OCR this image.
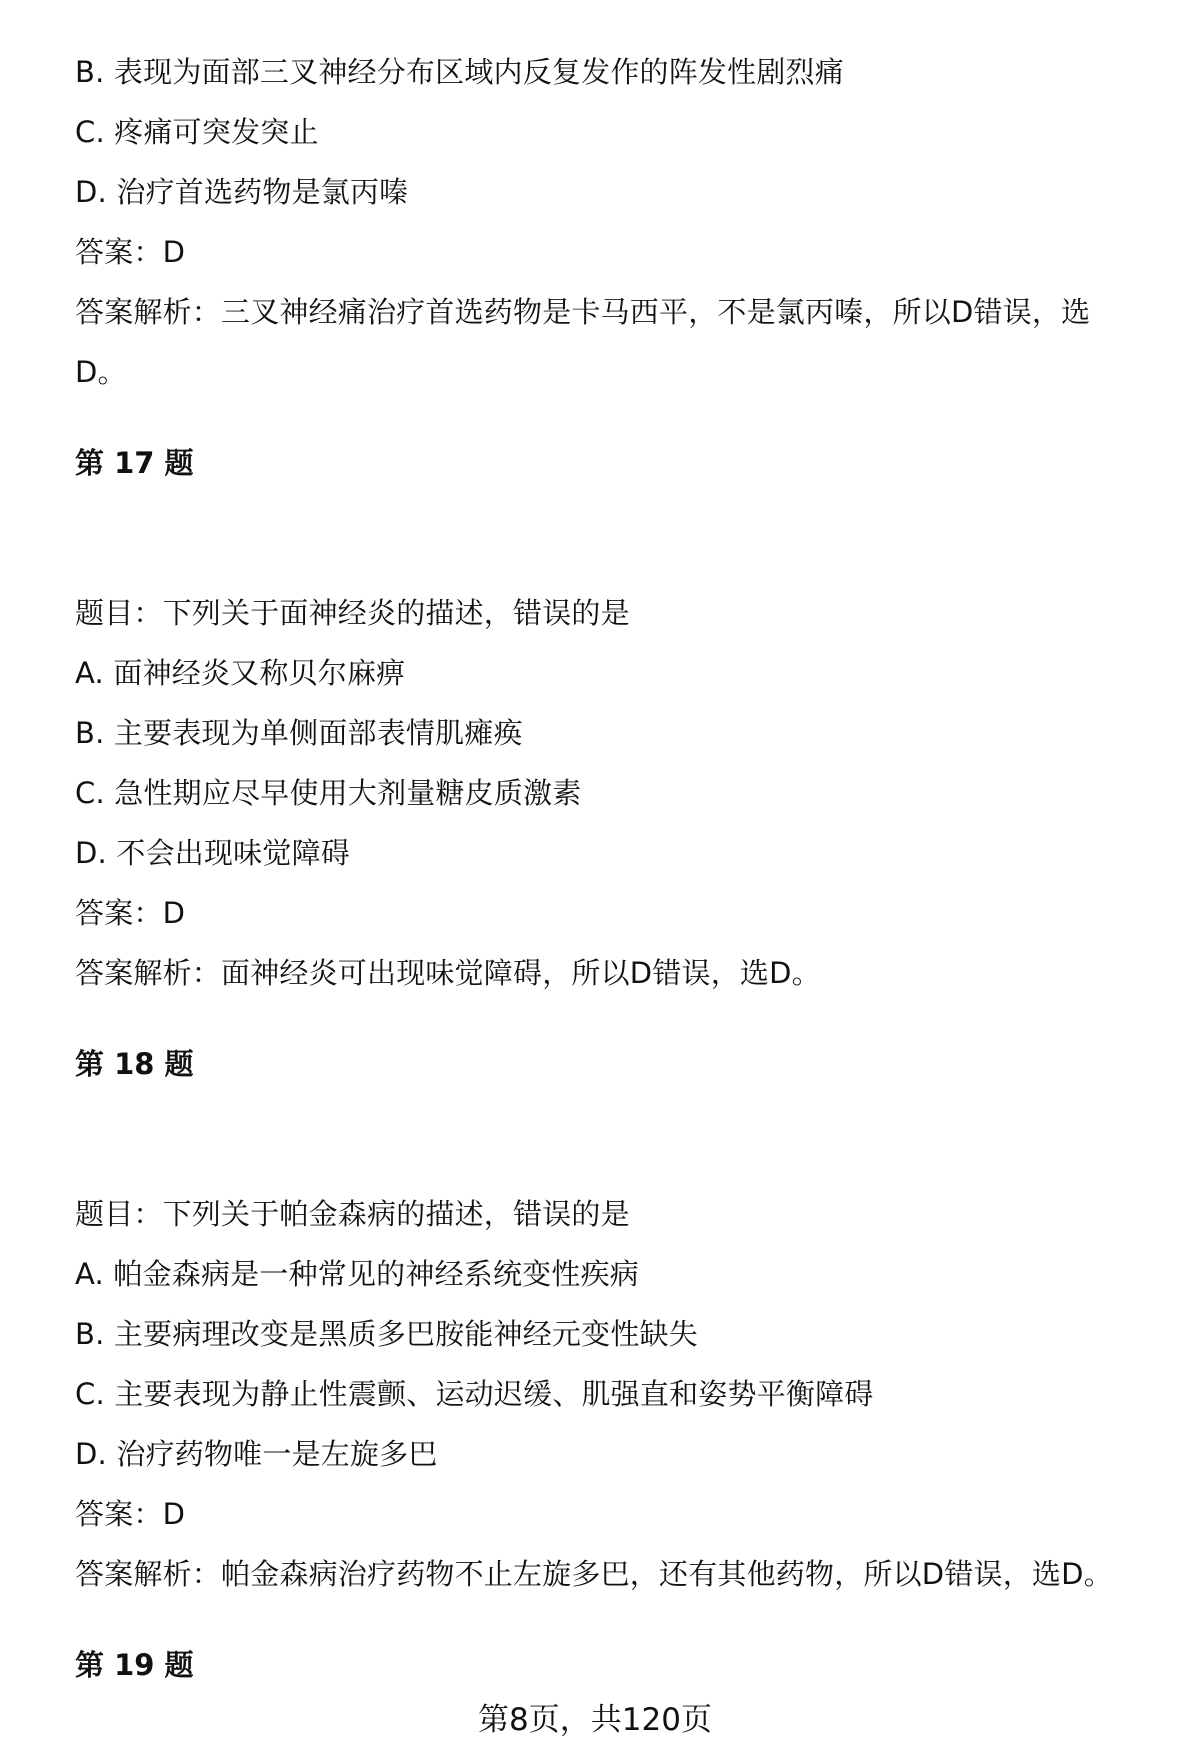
B. 表现为面部三叉神经分布区域内反复发作的阵发性剧烈痛
C. 疼痛可突发突止
D. 治疗首选药物是氯丙嗪
答案：D
答案解析：三叉神经痛治疗首选药物是卡马西平，不是氯丙嗪，所以D错误，选
D。
第 17 题
题目：下列关于面神经炎的描述，错误的是
A. 面神经炎又称贝尔麻痹
B. 主要表现为单侧面部表情肌瘫痪
C. 急性期应尽早使用大剂量糖皮质激素
D. 不会出现味觉障碍
答案：D
答案解析：面神经炎可出现味觉障碍，所以D错误，选D。
第 18 题
题目：下列关于帕金森病的描述，错误的是
A. 帕金森病是一种常见的神经系统变性疾病
B. 主要病理改变是黑质多巴胺能神经元变性缺失
C. 主要表现为静止性震颤、运动迟缓、肌强直和姿势平衡障碍
D. 治疗药物唯一是左旋多巴
答案：D
答案解析：帕金森病治疗药物不止左旋多巴，还有其他药物，所以D错误，选D。
第 19 题
第8页，共120页
